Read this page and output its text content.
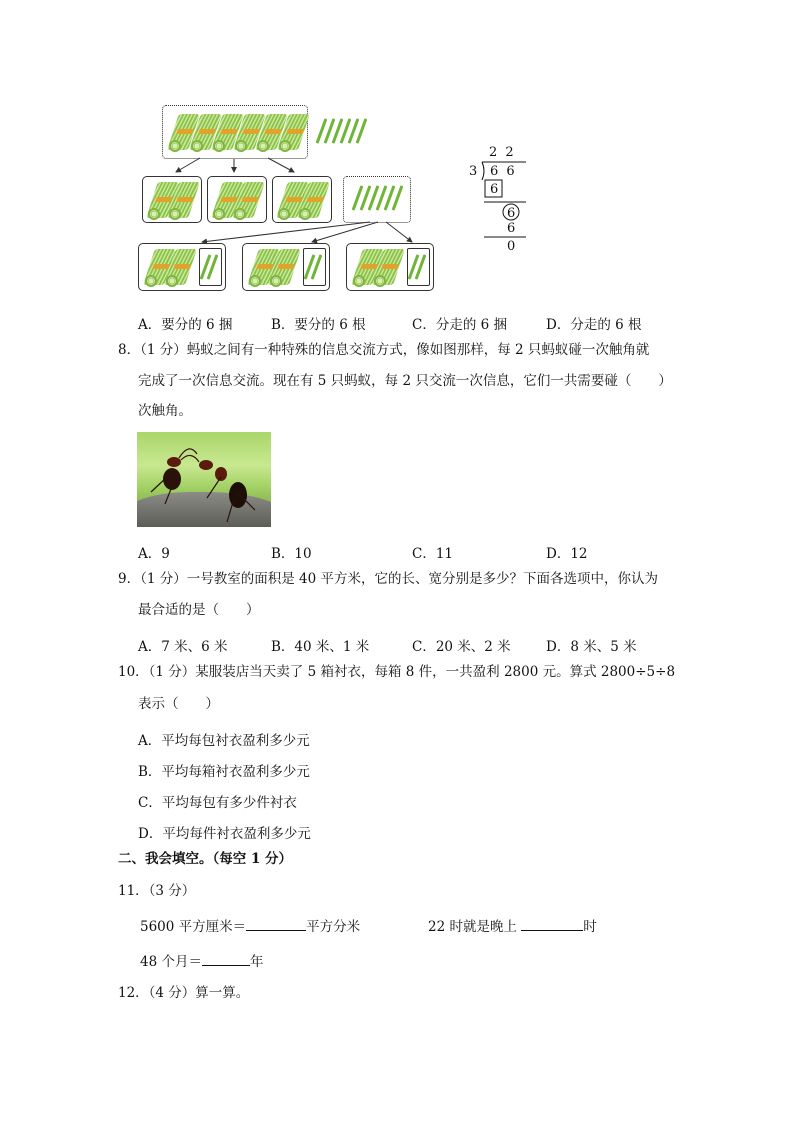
2 2
3 6 6
6
6
6
0
A．要分的 6 捆	B．要分的 6 根	C．分走的 6 捆	D．分走的 6 根
8．（1 分）蚂蚁之间有一种特殊的信息交流方式，像如图那样，每 2 只蚂蚁碰一次触角就
完成了一次信息交流。现在有 5 只蚂蚁，每 2 只交流一次信息，它们一共需要碰（　　）
次触角。
A．9	B．10	C．11	D．12
9．（1 分）一号教室的面积是 40 平方米，它的长、宽分别是多少？下面各选项中，你认为
最合适的是（　　）
A．7 米、6 米	B．40 米、1 米	C．20 米、2 米	D．8 米、5 米
10．（1 分）某服装店当天卖了 5 箱衬衣，每箱 8 件，一共盈利 2800 元。算式 2800÷5÷8
表示（　　）
A．平均每包衬衣盈利多少元
B．平均每箱衬衣盈利多少元
C．平均每包有多少件衬衣
D．平均每件衬衣盈利多少元
二、我会填空。（每空 1 分）
11．（3 分）
5600 平方厘米＝	平方分米	22 时就是晚上	时
48 个月＝	年
12．（4 分）算一算。
